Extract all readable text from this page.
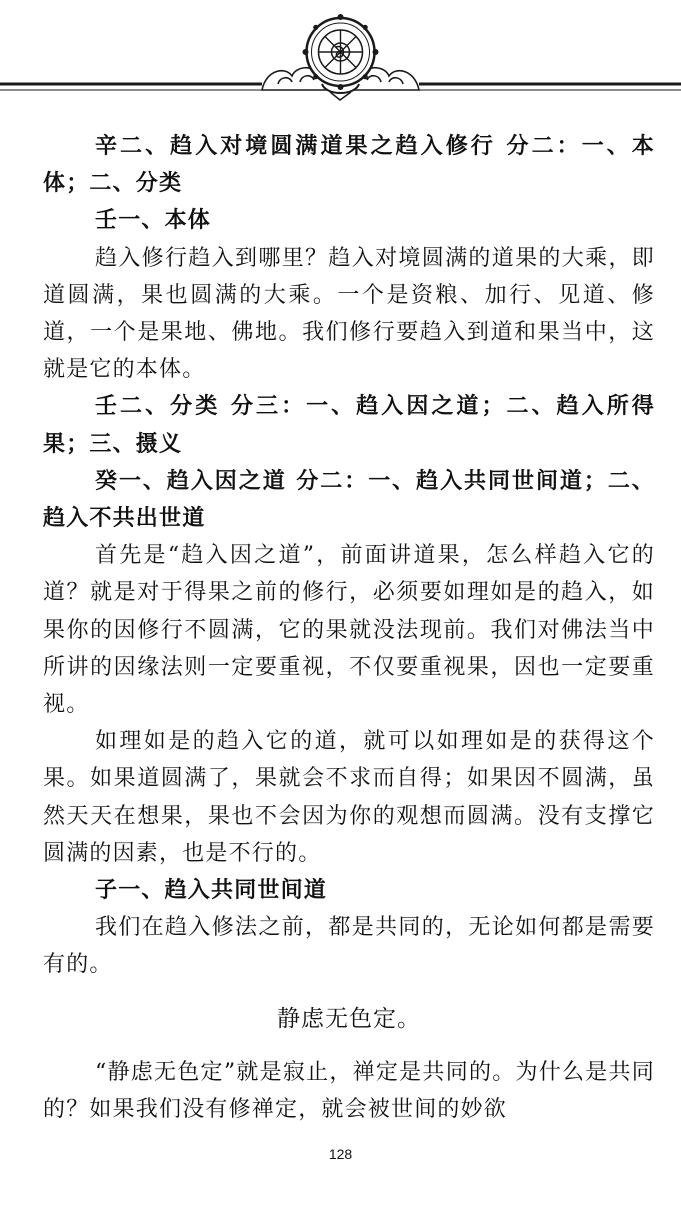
辛二、趋入对境圆满道果之趋入修行 分二：一、本体；二、分类

壬一、本体

趋入修行趋入到哪里？趋入对境圆满的道果的大乘，即道圆满，果也圆满的大乘。一个是资粮、加行、见道、修道，一个是果地、佛地。我们修行要趋入到道和果当中，这就是它的本体。

壬二、分类 分三：一、趋入因之道；二、趋入所得果；三、摄义

癸一、趋入因之道 分二：一、趋入共同世间道；二、趋入不共出世道

首先是“趋入因之道”，前面讲道果，怎么样趋入它的道？就是对于得果之前的修行，必须要如理如是的趋入，如果你的因修行不圆满，它的果就没法现前。我们对佛法当中所讲的因缘法则一定要重视，不仅要重视果，因也一定要重视。

如理如是的趋入它的道，就可以如理如是的获得这个果。如果道圆满了，果就会不求而自得；如果因不圆满，虽然天天在想果，果也不会因为你的观想而圆满。没有支撑它圆满的因素，也是不行的。

子一、趋入共同世间道

我们在趋入修法之前，都是共同的，无论如何都是需要有的。

静虑无色定。

“静虑无色定”就是寂止，禅定是共同的。为什么是共同的？如果我们没有修禅定，就会被世间的妙欲

128
